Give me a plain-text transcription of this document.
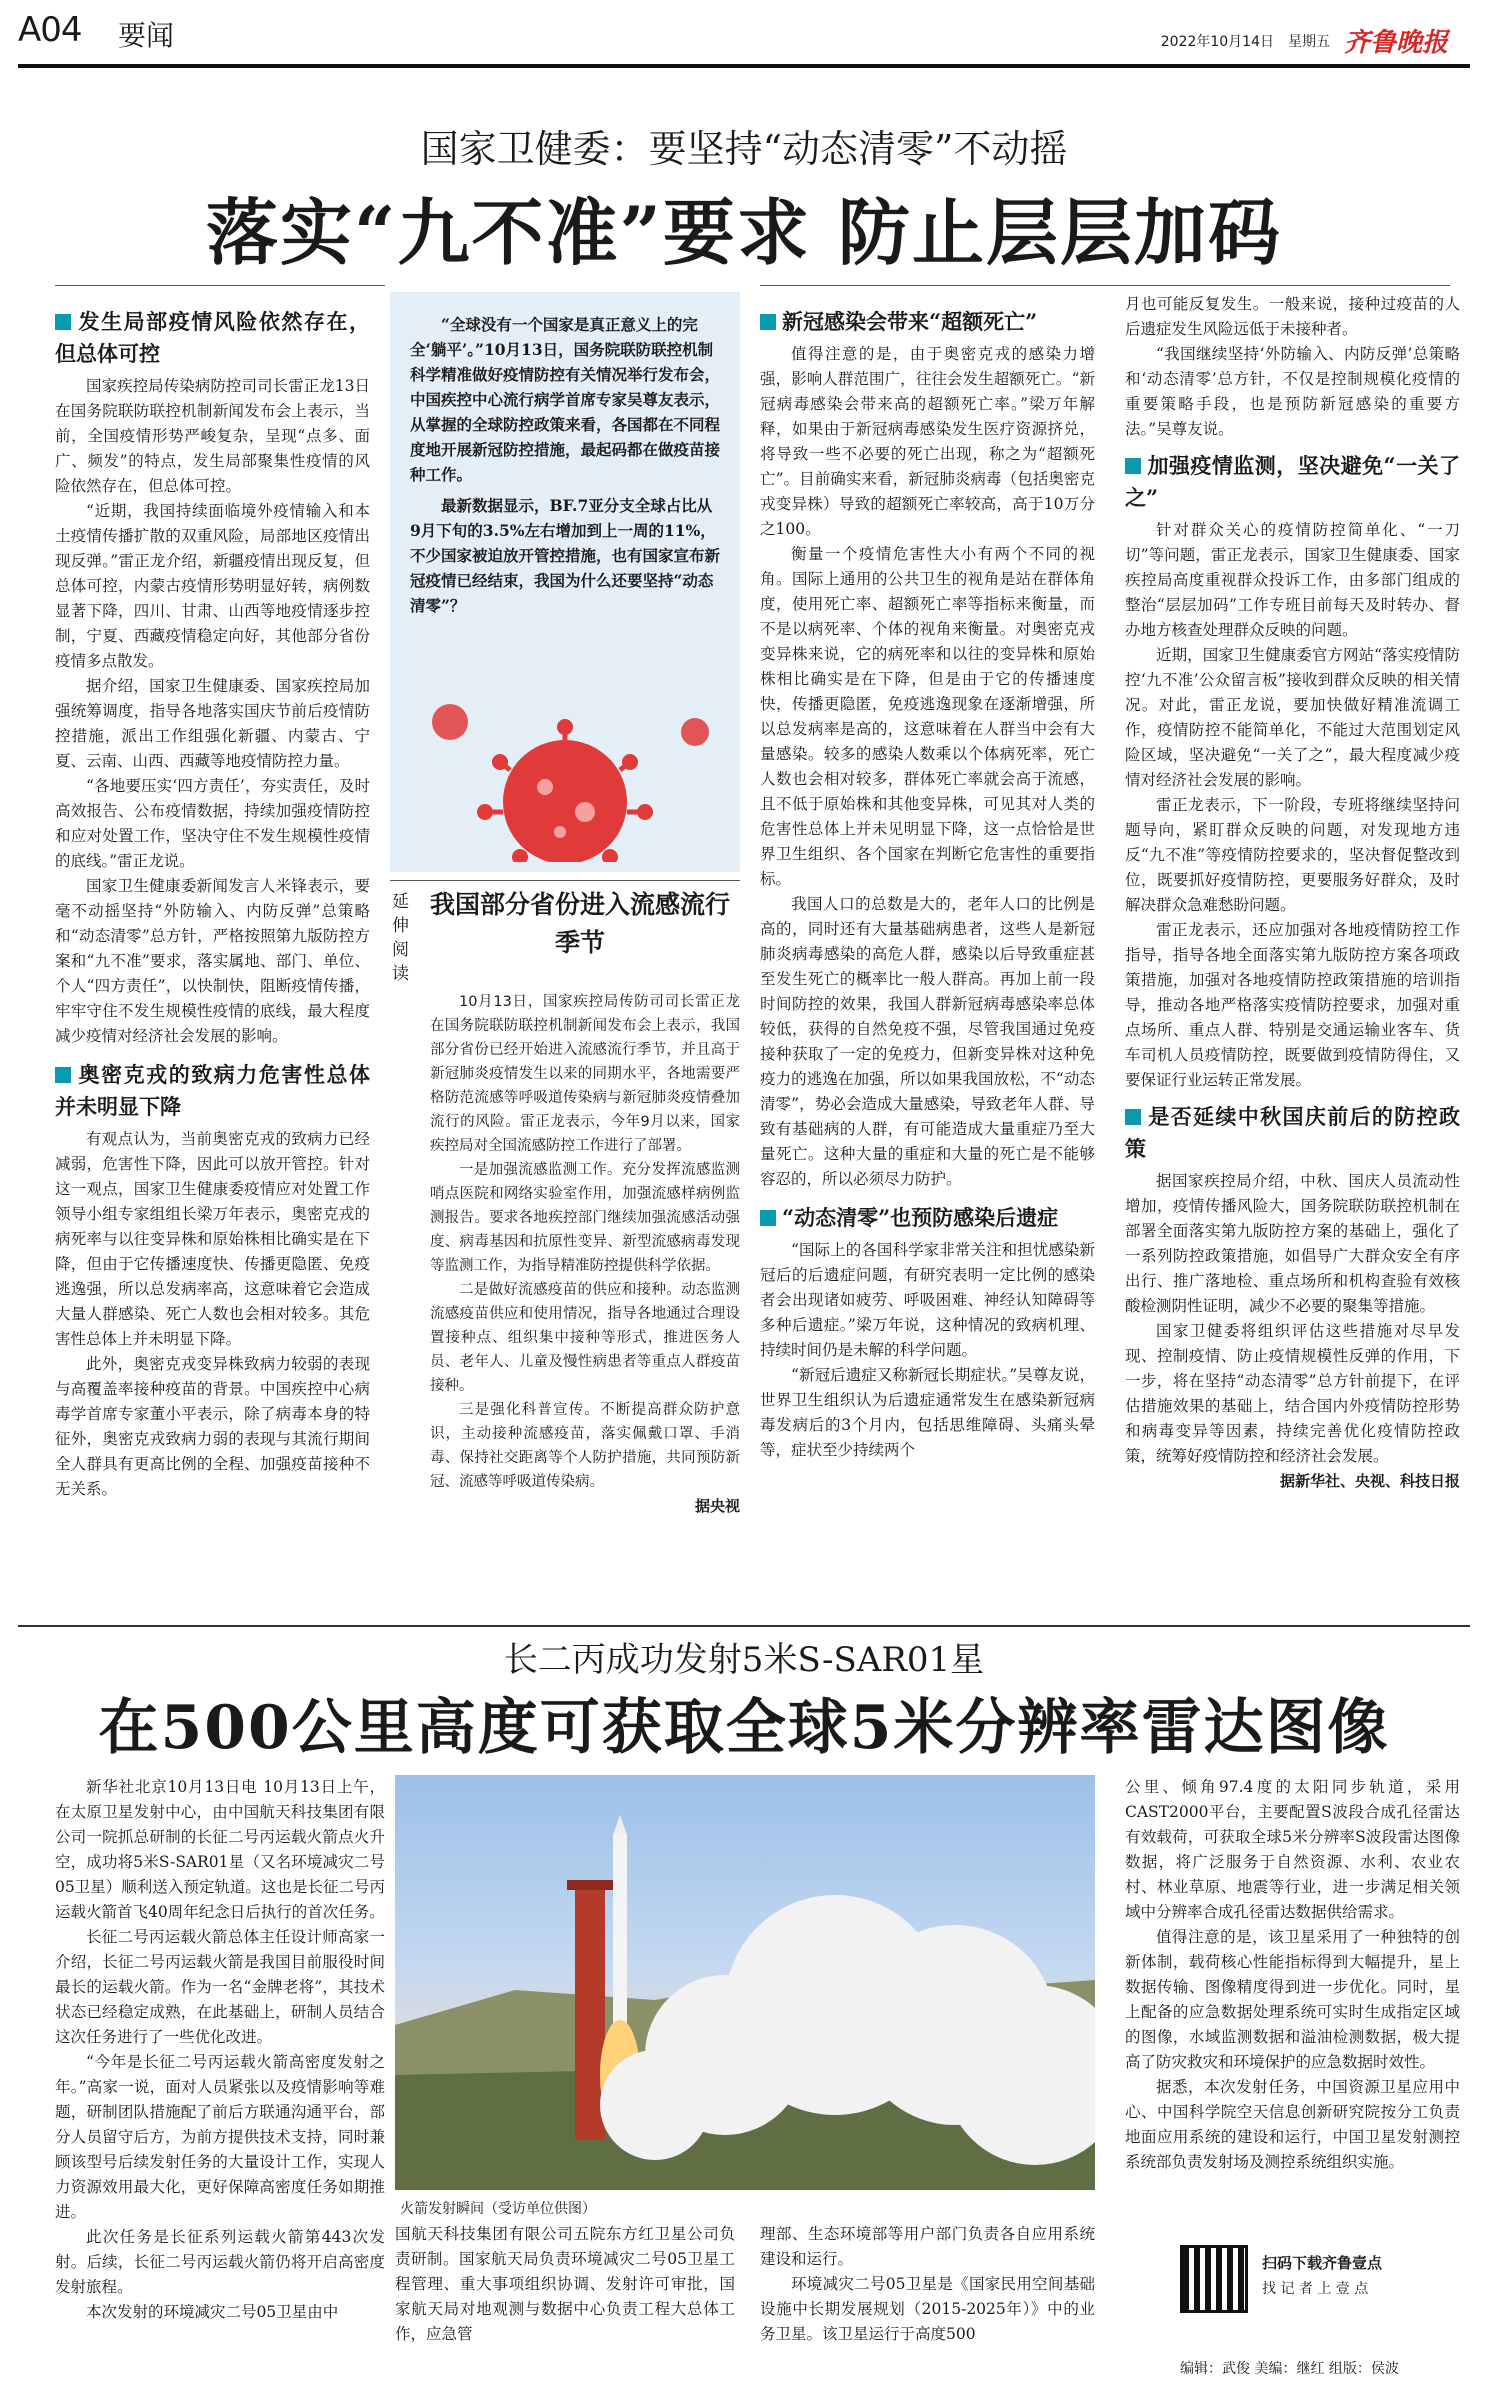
A04 要闻	2022年10月14日 星期五 齐鲁晚报
国家卫健委：要坚持“动态清零”不动摇
落实“九不准”要求 防止层层加码
发生局部疫情风险依然存在，但总体可控

国家疾控局传染病防控司司长雷正龙13日在国务院联防联控机制新闻发布会上表示，当前，全国疫情形势严峻复杂，呈现“点多、面广、频发”的特点，发生局部聚集性疫情的风险依然存在，但总体可控。

“近期，我国持续面临境外疫情输入和本土疫情传播扩散的双重风险，局部地区疫情出现反弹。”雷正龙介绍，新疆疫情出现反复，但总体可控，内蒙古疫情形势明显好转，病例数显著下降，四川、甘肃、山西等地疫情逐步控制，宁夏、西藏疫情稳定向好，其他部分省份疫情多点散发。

据介绍，国家卫生健康委、国家疾控局加强统筹调度，指导各地落实国庆节前后疫情防控措施，派出工作组强化新疆、内蒙古、宁夏、云南、山西、西藏等地疫情防控力量。

“各地要压实‘四方责任’，夯实责任，及时高效报告、公布疫情数据，持续加强疫情防控和应对处置工作，坚决守住不发生规模性疫情的底线。”雷正龙说。

国家卫生健康委新闻发言人米锋表示，要毫不动摇坚持“外防输入、内防反弹”总策略和“动态清零”总方针，严格按照第九版防控方案和“九不准”要求，落实属地、部门、单位、个人“四方责任”，以快制快，阻断疫情传播，牢牢守住不发生规模性疫情的底线，最大程度减少疫情对经济社会发展的影响。

奥密克戎的致病力危害性总体并未明显下降

有观点认为，当前奥密克戎的致病力已经减弱，危害性下降，因此可以放开管控。针对这一观点，国家卫生健康委疫情应对处置工作领导小组专家组组长梁万年表示，奥密克戎的病死率与以往变异株和原始株相比确实是在下降，但由于它传播速度快、传播更隐匿、免疫逃逸强，所以总发病率高，这意味着它会造成大量人群感染、死亡人数也会相对较多。其危害性总体上并未明显下降。

此外，奥密克戎变异株致病力较弱的表现与高覆盖率接种疫苗的背景。中国疾控中心病毒学首席专家董小平表示，除了病毒本身的特征外，奥密克戎致病力弱的表现与其流行期间全人群具有更高比例的全程、加强疫苗接种不无关系。

“全球没有一个国家是真正意义上的完全‘躺平’。”10月13日，国务院联防联控机制科学精准做好疫情防控有关情况举行发布会，中国疾控中心流行病学首席专家吴尊友表示，从掌握的全球防控政策来看，各国都在不同程度地开展新冠防控措施，最起码都在做疫苗接种工作。

最新数据显示，BF.7亚分支全球占比从9月下旬的3.5%左右增加到上一周的11%，不少国家被迫放开管控措施，也有国家宣布新冠疫情已经结束，我国为什么还要坚持“动态清零”？

延伸阅读
我国部分省份进入流感流行季节

10月13日，国家疾控局传防司司长雷正龙在国务院联防联控机制新闻发布会上表示，我国部分省份已经开始进入流感流行季节，并且高于新冠肺炎疫情发生以来的同期水平，各地需要严格防范流感等呼吸道传染病与新冠肺炎疫情叠加流行的风险。雷正龙表示，今年9月以来，国家疾控局对全国流感防控工作进行了部署。

一是加强流感监测工作。充分发挥流感监测哨点医院和网络实验室作用，加强流感样病例监测报告。要求各地疾控部门继续加强流感活动强度、病毒基因和抗原性变异、新型流感病毒发现等监测工作，为指导精准防控提供科学依据。

二是做好流感疫苗的供应和接种。动态监测流感疫苗供应和使用情况，指导各地通过合理设置接种点、组织集中接种等形式，推进医务人员、老年人、儿童及慢性病患者等重点人群疫苗接种。

三是强化科普宣传。不断提高群众防护意识，主动接种流感疫苗，落实佩戴口罩、手消毒、保持社交距离等个人防护措施，共同预防新冠、流感等呼吸道传染病。

据央视
新冠感染会带来“超额死亡”

值得注意的是，由于奥密克戎的感染力增强，影响人群范围广，往往会发生超额死亡。“新冠病毒感染会带来高的超额死亡率。”梁万年解释，如果由于新冠病毒感染发生医疗资源挤兑，将导致一些不必要的死亡出现，称之为“超额死亡”。目前确实来看，新冠肺炎病毒（包括奥密克戎变异株）导致的超额死亡率较高，高于10万分之100。

衡量一个疫情危害性大小有两个不同的视角。国际上通用的公共卫生的视角是站在群体角度，使用死亡率、超额死亡率等指标来衡量，而不是以病死率、个体的视角来衡量。对奥密克戎变异株来说，它的病死率和以往的变异株和原始株相比确实是在下降，但是由于它的传播速度快，传播更隐匿，免疫逃逸现象在逐渐增强，所以总发病率是高的，这意味着在人群当中会有大量感染。较多的感染人数乘以个体病死率，死亡人数也会相对较多，群体死亡率就会高于流感，且不低于原始株和其他变异株，可见其对人类的危害性总体上并未见明显下降，这一点恰恰是世界卫生组织、各个国家在判断它危害性的重要指标。

我国人口的总数是大的，老年人口的比例是高的，同时还有大量基础病患者，这些人是新冠肺炎病毒感染的高危人群，感染以后导致重症甚至发生死亡的概率比一般人群高。再加上前一段时间防控的效果，我国人群新冠病毒感染率总体较低，获得的自然免疫不强，尽管我国通过免疫接种获取了一定的免疫力，但新变异株对这种免疫力的逃逸在加强，所以如果我国放松，不“动态清零”，势必会造成大量感染，导致老年人群、导致有基础病的人群，有可能造成大量重症乃至大量死亡。这种大量的重症和大量的死亡是不能够容忍的，所以必须尽力防护。

“动态清零”也预防感染后遗症

“国际上的各国科学家非常关注和担忧感染新冠后的后遗症问题，有研究表明一定比例的感染者会出现诸如疲劳、呼吸困难、神经认知障碍等多种后遗症。”梁万年说，这种情况的致病机理、持续时间仍是未解的科学问题。

“新冠后遗症又称新冠长期症状。”吴尊友说，世界卫生组织认为后遗症通常发生在感染新冠病毒发病后的3个月内，包括思维障碍、头痛头晕等，症状至少持续两个

月也可能反复发生。一般来说，接种过疫苗的人后遗症发生风险远低于未接种者。

“我国继续坚持‘外防输入、内防反弹’总策略和‘动态清零’总方针，不仅是控制规模化疫情的重要策略手段，也是预防新冠感染的重要方法。”吴尊友说。

加强疫情监测，坚决避免“一关了之”

针对群众关心的疫情防控简单化、“一刀切”等问题，雷正龙表示，国家卫生健康委、国家疾控局高度重视群众投诉工作，由多部门组成的整治“层层加码”工作专班目前每天及时转办、督办地方核查处理群众反映的问题。

近期，国家卫生健康委官方网站“落实疫情防控‘九不准’公众留言板”接收到群众反映的相关情况。对此，雷正龙说，要加快做好精准流调工作，疫情防控不能简单化，不能过大范围划定风险区域，坚决避免“一关了之”，最大程度减少疫情对经济社会发展的影响。

雷正龙表示，下一阶段，专班将继续坚持问题导向，紧盯群众反映的问题，对发现地方违反“九不准”等疫情防控要求的，坚决督促整改到位，既要抓好疫情防控，更要服务好群众，及时解决群众急难愁盼问题。

雷正龙表示，还应加强对各地疫情防控工作指导，指导各地全面落实第九版防控方案各项政策措施，加强对各地疫情防控政策措施的培训指导，推动各地严格落实疫情防控要求，加强对重点场所、重点人群、特别是交通运输业客车、货车司机人员疫情防控，既要做到疫情防得住，又要保证行业运转正常发展。

是否延续中秋国庆前后的防控政策

据国家疾控局介绍，中秋、国庆人员流动性增加，疫情传播风险大，国务院联防联控机制在部署全面落实第九版防控方案的基础上，强化了一系列防控政策措施，如倡导广大群众安全有序出行、推广落地检、重点场所和机构查验有效核酸检测阴性证明，减少不必要的聚集等措施。

国家卫健委将组织评估这些措施对尽早发现、控制疫情、防止疫情规模性反弹的作用，下一步，将在坚持“动态清零”总方针前提下，在评估措施效果的基础上，结合国内外疫情防控形势和病毒变异等因素，持续完善优化疫情防控政策，统筹好疫情防控和经济社会发展。

据新华社、央视、科技日报
长二丙成功发射5米S-SAR01星
在500公里高度可获取全球5米分辨率雷达图像

新华社北京10月13日电 10月13日上午，在太原卫星发射中心，由中国航天科技集团有限公司一院抓总研制的长征二号丙运载火箭点火升空，成功将5米S-SAR01星（又名环境减灾二号05卫星）顺利送入预定轨道。这也是长征二号丙运载火箭首飞40周年纪念日后执行的首次任务。

长征二号丙运载火箭总体主任设计师高家一介绍，长征二号丙运载火箭是我国目前服役时间最长的运载火箭。作为一名“金牌老将”，其技术状态已经稳定成熟，在此基础上，研制人员结合这次任务进行了一些优化改进。

“今年是长征二号丙运载火箭高密度发射之年。”高家一说，面对人员紧张以及疫情影响等难题，研制团队措施配了前后方联通沟通平台，部分人员留守后方，为前方提供技术支持，同时兼顾该型号后续发射任务的大量设计工作，实现人力资源效用最大化，更好保障高密度任务如期推进。

此次任务是长征系列运载火箭第443次发射。后续，长征二号丙运载火箭仍将开启高密度发射旅程。

本次发射的环境减灾二号05卫星由中

火箭发射瞬间（受访单位供图）

国航天科技集团有限公司五院东方红卫星公司负责研制。国家航天局负责环境减灾二号05卫星工程管理、重大事项组织协调、发射许可审批，国家航天局对地观测与数据中心负责工程大总体工作，应急管

理部、生态环境部等用户部门负责各自应用系统建设和运行。

环境减灾二号05卫星是《国家民用空间基础设施中长期发展规划（2015-2025年）》中的业务卫星。该卫星运行于高度500

公里、倾角97.4度的太阳同步轨道，采用CAST2000平台，主要配置S波段合成孔径雷达有效载荷，可获取全球5米分辨率S波段雷达图像数据，将广泛服务于自然资源、水利、农业农村、林业草原、地震等行业，进一步满足相关领域中分辨率合成孔径雷达数据供给需求。

值得注意的是，该卫星采用了一种独特的创新体制，载荷核心性能指标得到大幅提升，星上数据传输、图像精度得到进一步优化。同时，星上配备的应急数据处理系统可实时生成指定区域的图像，水域监测数据和溢油检测数据，极大提高了防灾救灾和环境保护的应急数据时效性。

据悉，本次发射任务，中国资源卫星应用中心、中国科学院空天信息创新研究院按分工负责地面应用系统的建设和运行，中国卫星发射测控系统部负责发射场及测控系统组织实施。

扫码下载齐鲁壹点
找 记 者 上 壹 点
编辑：武俊 美编：继红 组版：侯波
